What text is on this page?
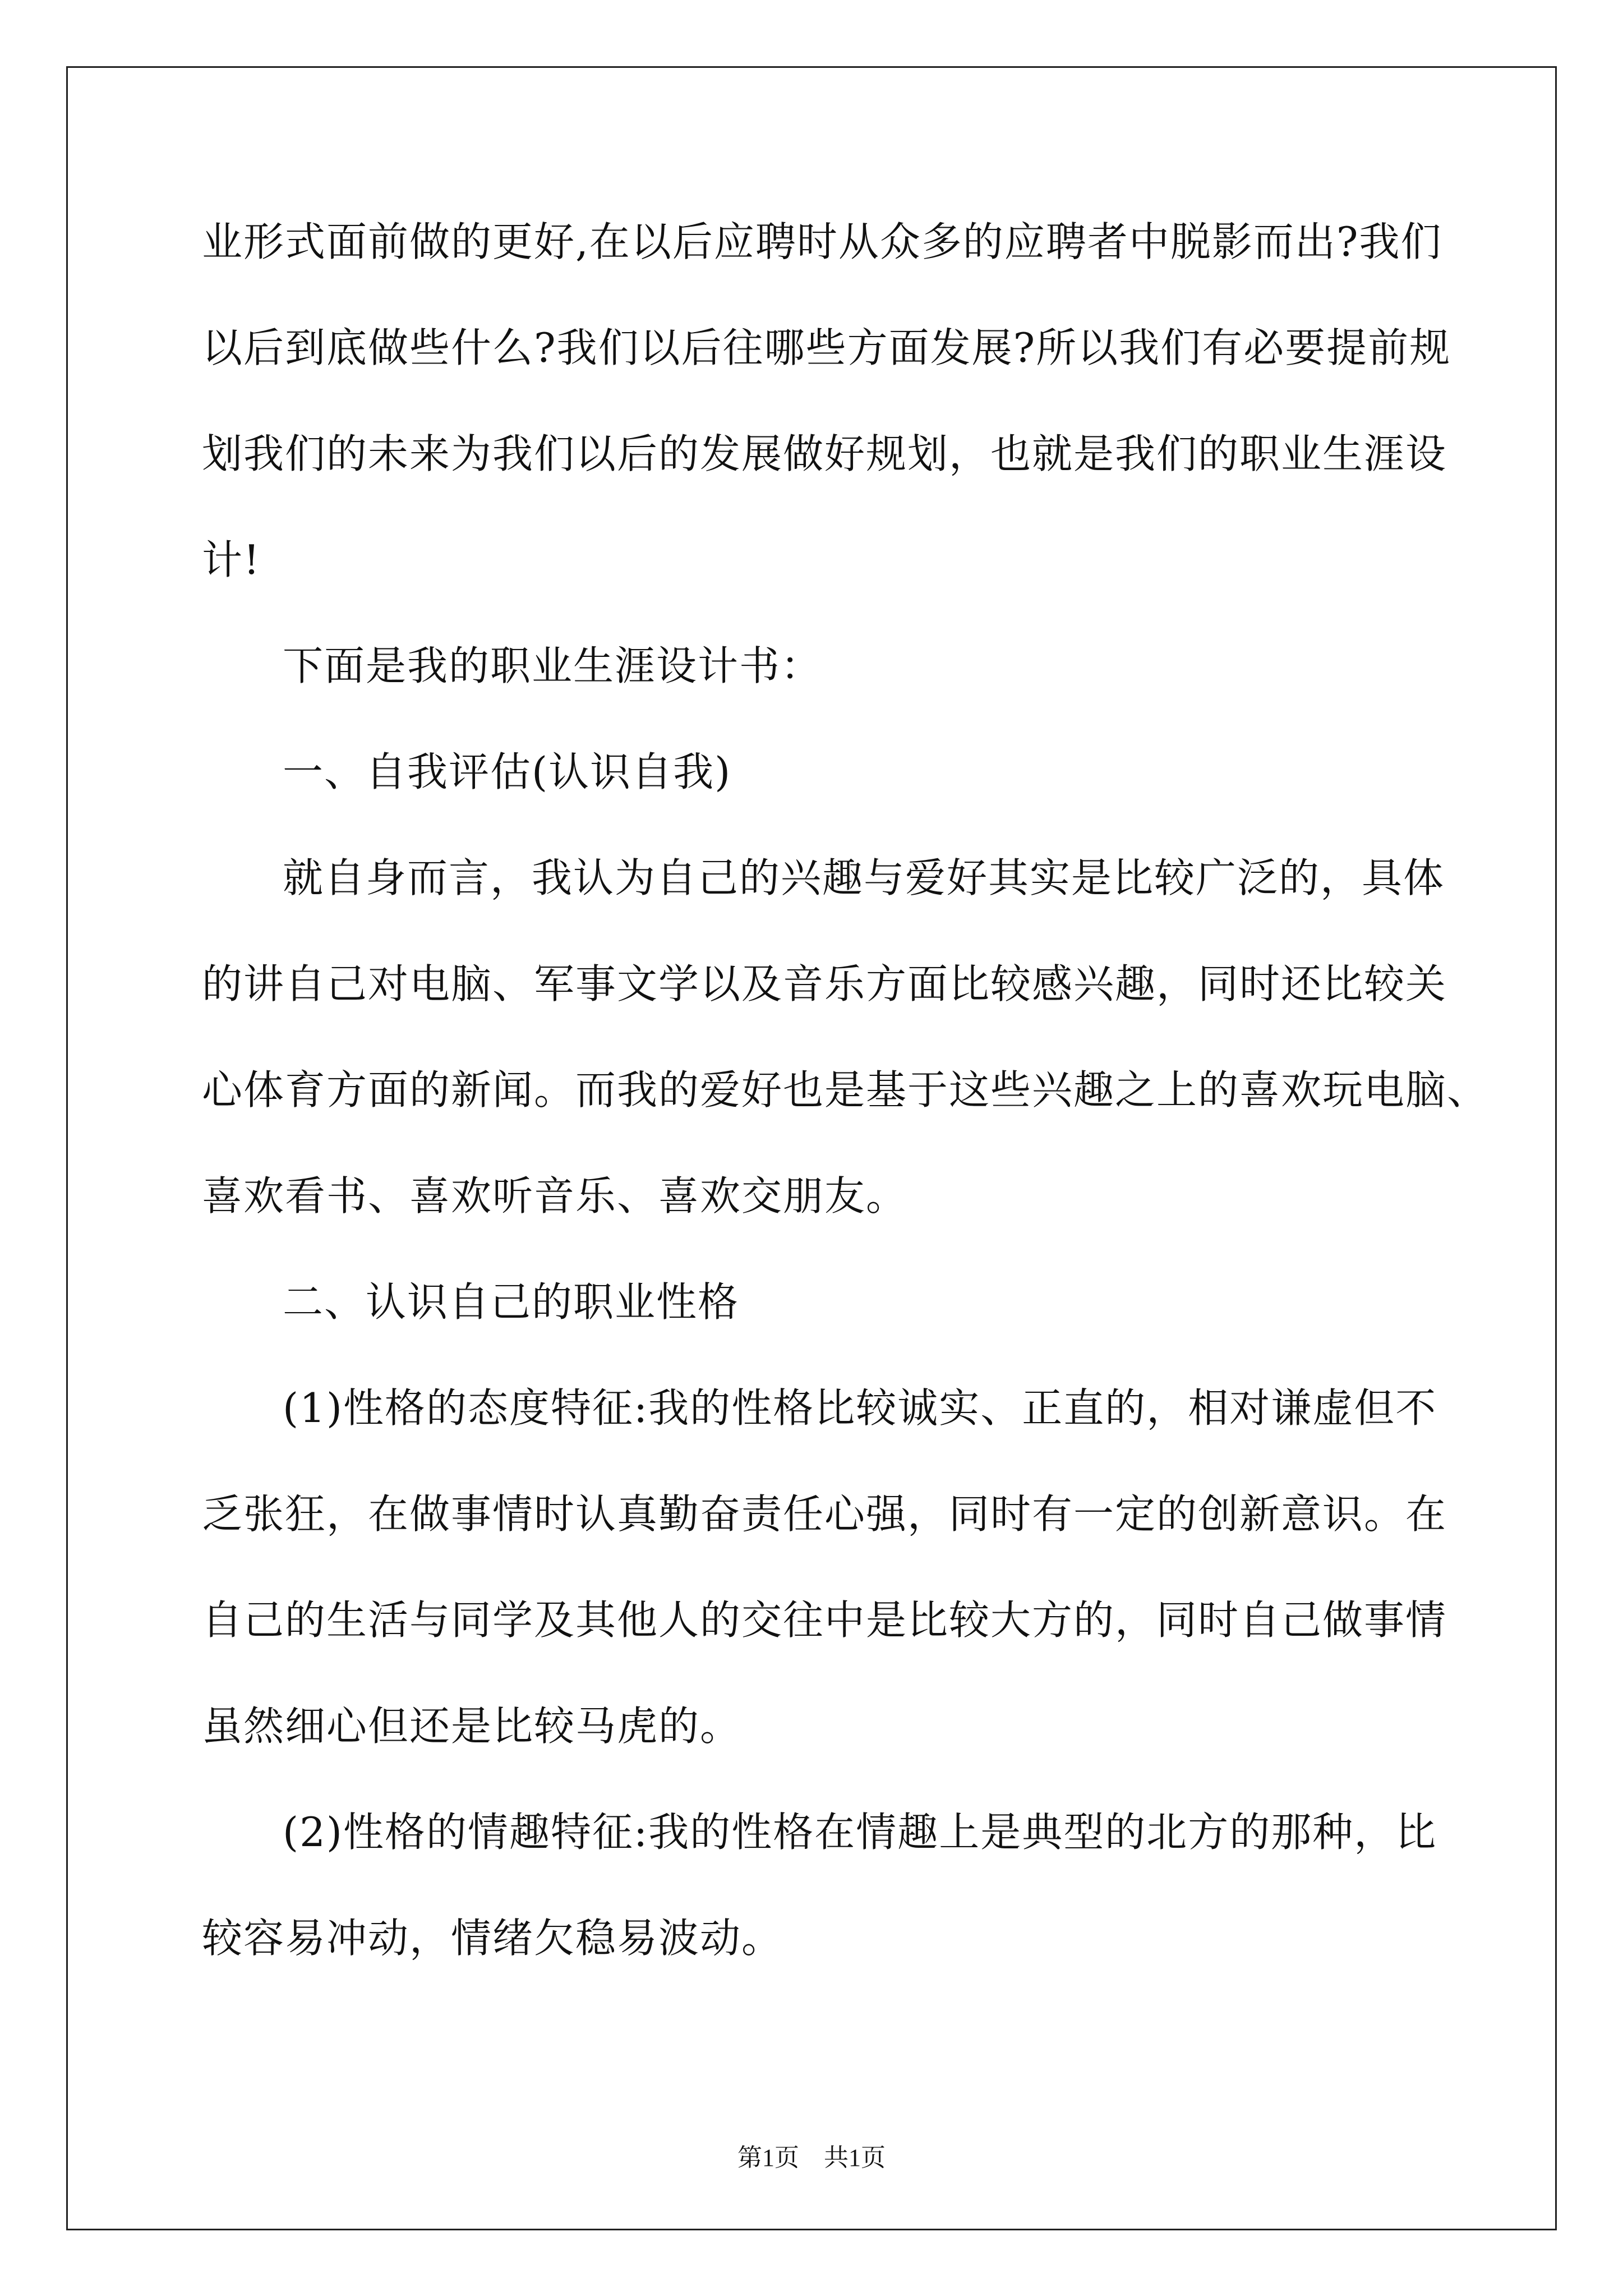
业形式面前做的更好,在以后应聘时从众多的应聘者中脱影而出?我们
以后到底做些什么?我们以后往哪些方面发展?所以我们有必要提前规
划我们的未来为我们以后的发展做好规划，也就是我们的职业生涯设
计!
下面是我的职业生涯设计书：
一、自我评估(认识自我)
就自身而言，我认为自己的兴趣与爱好其实是比较广泛的，具体
的讲自己对电脑、军事文学以及音乐方面比较感兴趣，同时还比较关
心体育方面的新闻。而我的爱好也是基于这些兴趣之上的喜欢玩电脑、
喜欢看书、喜欢听音乐、喜欢交朋友。
二、认识自己的职业性格
(1)性格的态度特征:我的性格比较诚实、正直的，相对谦虚但不
乏张狂，在做事情时认真勤奋责任心强，同时有一定的创新意识。在
自己的生活与同学及其他人的交往中是比较大方的，同时自己做事情
虽然细心但还是比较马虎的。
(2)性格的情趣特征:我的性格在情趣上是典型的北方的那种，比
较容易冲动，情绪欠稳易波动。
第1页　共1页
